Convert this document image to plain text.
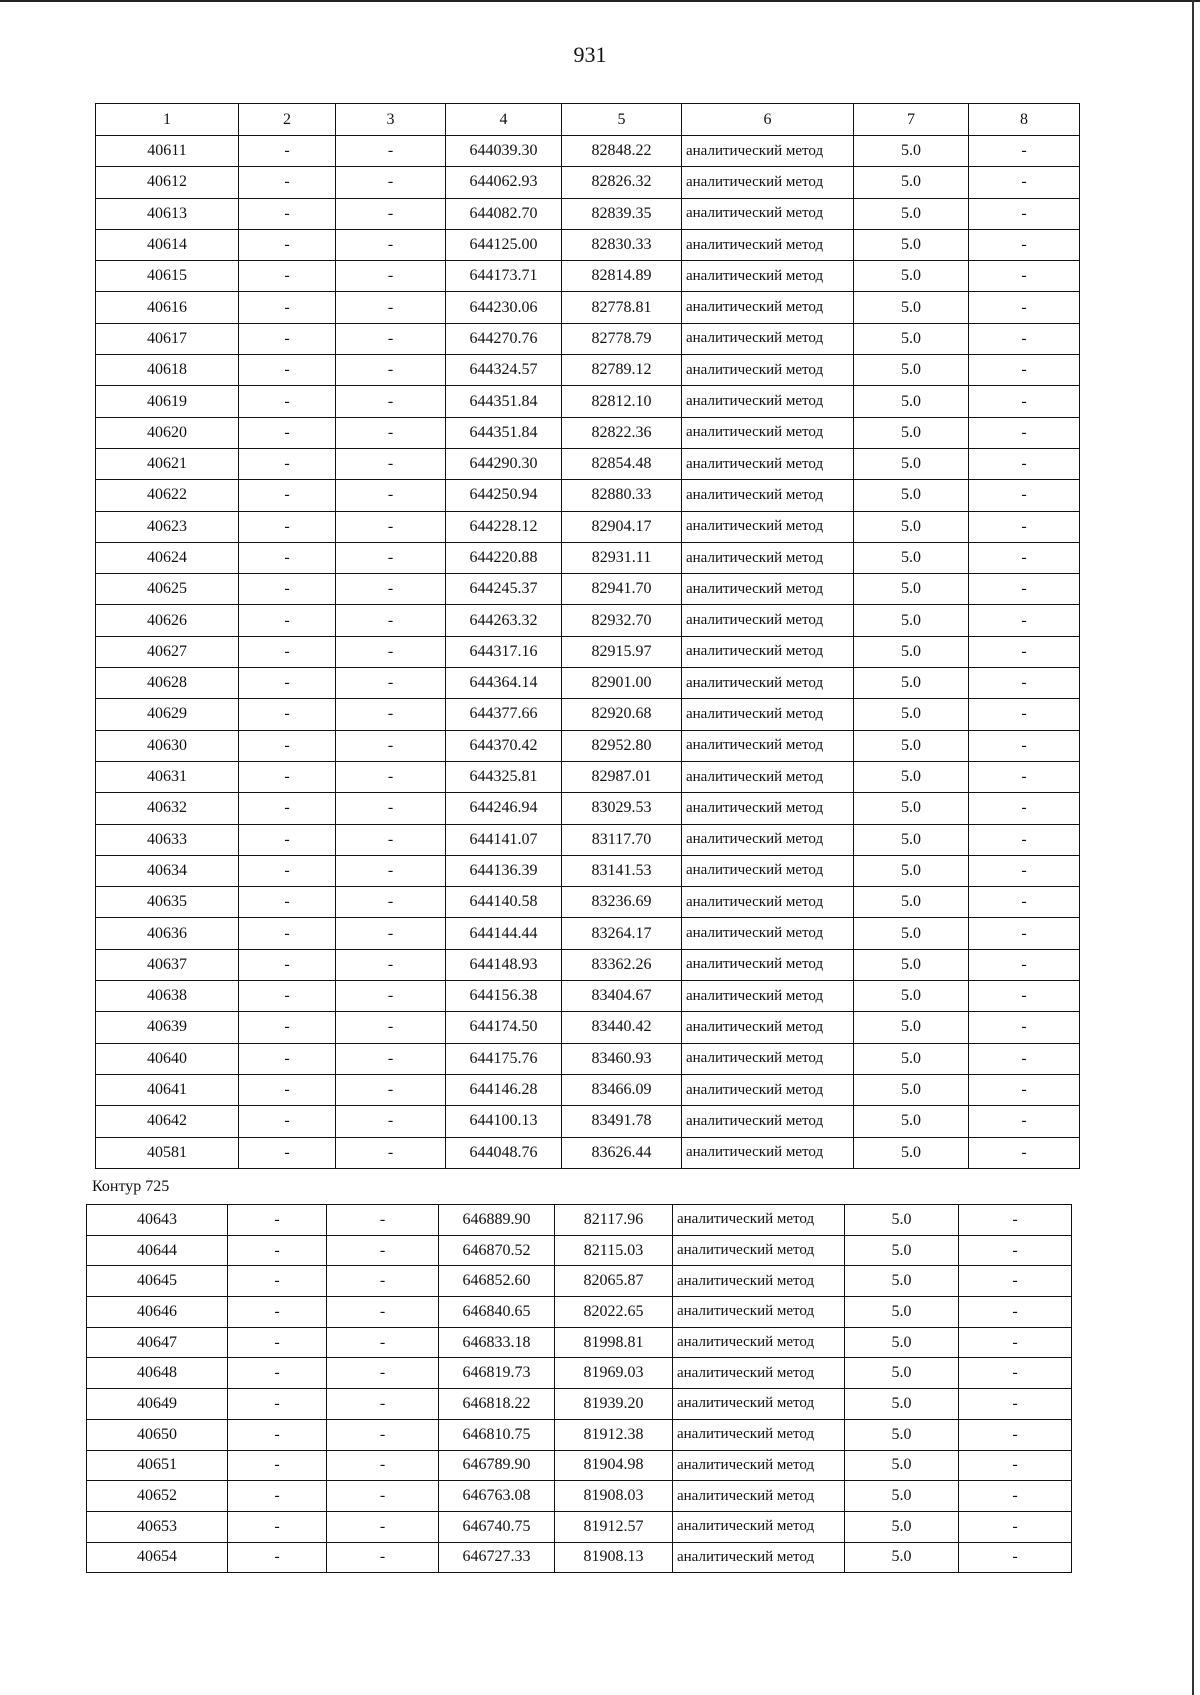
931
1	2	3	4	5	6	7	8
40611	-	-	644039.30	82848.22	аналитический метод	5.0	-
40612	-	-	644062.93	82826.32	аналитический метод	5.0	-
40613	-	-	644082.70	82839.35	аналитический метод	5.0	-
40614	-	-	644125.00	82830.33	аналитический метод	5.0	-
40615	-	-	644173.71	82814.89	аналитический метод	5.0	-
40616	-	-	644230.06	82778.81	аналитический метод	5.0	-
40617	-	-	644270.76	82778.79	аналитический метод	5.0	-
40618	-	-	644324.57	82789.12	аналитический метод	5.0	-
40619	-	-	644351.84	82812.10	аналитический метод	5.0	-
40620	-	-	644351.84	82822.36	аналитический метод	5.0	-
40621	-	-	644290.30	82854.48	аналитический метод	5.0	-
40622	-	-	644250.94	82880.33	аналитический метод	5.0	-
40623	-	-	644228.12	82904.17	аналитический метод	5.0	-
40624	-	-	644220.88	82931.11	аналитический метод	5.0	-
40625	-	-	644245.37	82941.70	аналитический метод	5.0	-
40626	-	-	644263.32	82932.70	аналитический метод	5.0	-
40627	-	-	644317.16	82915.97	аналитический метод	5.0	-
40628	-	-	644364.14	82901.00	аналитический метод	5.0	-
40629	-	-	644377.66	82920.68	аналитический метод	5.0	-
40630	-	-	644370.42	82952.80	аналитический метод	5.0	-
40631	-	-	644325.81	82987.01	аналитический метод	5.0	-
40632	-	-	644246.94	83029.53	аналитический метод	5.0	-
40633	-	-	644141.07	83117.70	аналитический метод	5.0	-
40634	-	-	644136.39	83141.53	аналитический метод	5.0	-
40635	-	-	644140.58	83236.69	аналитический метод	5.0	-
40636	-	-	644144.44	83264.17	аналитический метод	5.0	-
40637	-	-	644148.93	83362.26	аналитический метод	5.0	-
40638	-	-	644156.38	83404.67	аналитический метод	5.0	-
40639	-	-	644174.50	83440.42	аналитический метод	5.0	-
40640	-	-	644175.76	83460.93	аналитический метод	5.0	-
40641	-	-	644146.28	83466.09	аналитический метод	5.0	-
40642	-	-	644100.13	83491.78	аналитический метод	5.0	-
40581	-	-	644048.76	83626.44	аналитический метод	5.0	-
Контур 725
40643	-	-	646889.90	82117.96	аналитический метод	5.0	-
40644	-	-	646870.52	82115.03	аналитический метод	5.0	-
40645	-	-	646852.60	82065.87	аналитический метод	5.0	-
40646	-	-	646840.65	82022.65	аналитический метод	5.0	-
40647	-	-	646833.18	81998.81	аналитический метод	5.0	-
40648	-	-	646819.73	81969.03	аналитический метод	5.0	-
40649	-	-	646818.22	81939.20	аналитический метод	5.0	-
40650	-	-	646810.75	81912.38	аналитический метод	5.0	-
40651	-	-	646789.90	81904.98	аналитический метод	5.0	-
40652	-	-	646763.08	81908.03	аналитический метод	5.0	-
40653	-	-	646740.75	81912.57	аналитический метод	5.0	-
40654	-	-	646727.33	81908.13	аналитический метод	5.0	-
